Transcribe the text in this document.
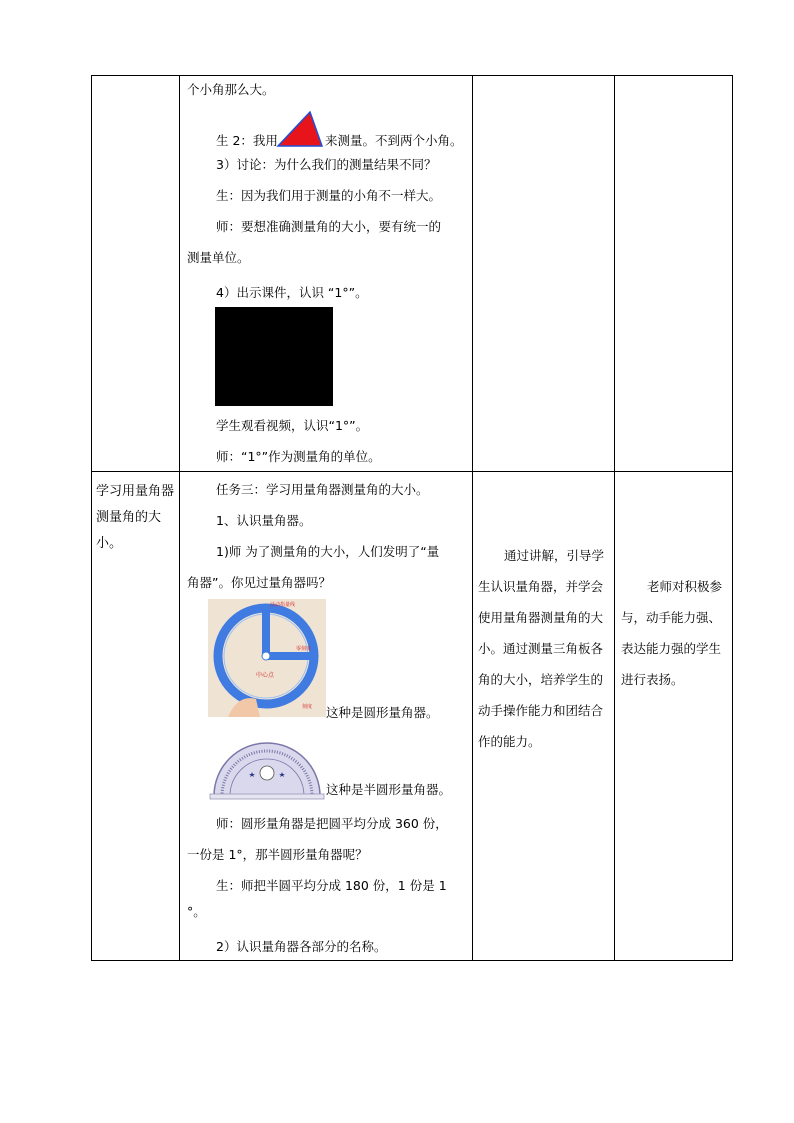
个小角那么大。
生 2：我用	来测量。不到两个小角。
3）讨论：为什么我们的测量结果不同？
生：因为我们用于测量的小角不一样大。
师：要想准确测量角的大小，要有统一的
测量单位。
4）出示课件，认识 “1°”。
学生观看视频，认识“1°”。
师：“1°”作为测量角的单位。
学习用量角器测量角的大小。
任务三：学习用量角器测量角的大小。
1、认识量角器。
1)师 为了测量角的大小，人们发明了“量
角器”。你见过量角器吗？
活动指量线
零刻度
中心点
刻度 这种是圆形量角器。
这种是半圆形量角器。
师：圆形量角器是把圆平均分成 360 份，
一份是 1°，那半圆形量角器呢？
生：师把半圆平均分成 180 份，1 份是 1
°。
2）认识量角器各部分的名称。
通过讲解，引导学生认识量角器，并学会使用量角器测量角的大小。通过测量三角板各角的大小，培养学生的动手操作能力和团结合作的能力。
老师对积极参与，动手能力强、表达能力强的学生进行表扬。
